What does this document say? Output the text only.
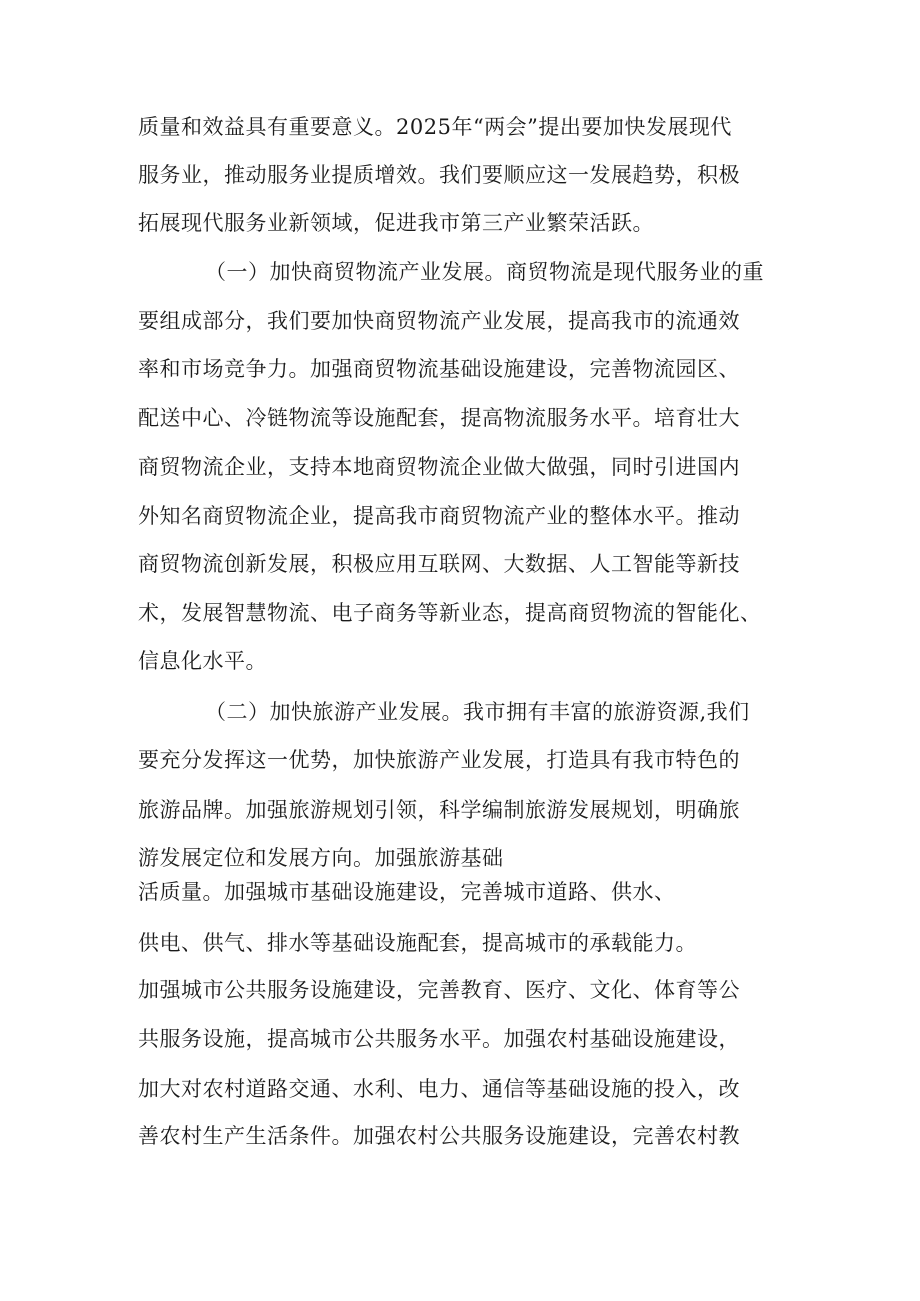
质量和效益具有重要意义。2025年“两会”提出要加快发展现代
服务业，推动服务业提质增效。我们要顺应这一发展趋势，积极
拓展现代服务业新领域，促进我市第三产业繁荣活跃。
（一）加快商贸物流产业发展。商贸物流是现代服务业的重
要组成部分，我们要加快商贸物流产业发展，提高我市的流通效
率和市场竞争力。加强商贸物流基础设施建设，完善物流园区、
配送中心、冷链物流等设施配套，提高物流服务水平。培育壮大
商贸物流企业，支持本地商贸物流企业做大做强，同时引进国内
外知名商贸物流企业，提高我市商贸物流产业的整体水平。推动
商贸物流创新发展，积极应用互联网、大数据、人工智能等新技
术，发展智慧物流、电子商务等新业态，提高商贸物流的智能化、
信息化水平。
（二）加快旅游产业发展。我市拥有丰富的旅游资源,我们
要充分发挥这一优势，加快旅游产业发展，打造具有我市特色的
旅游品牌。加强旅游规划引领，科学编制旅游发展规划，明确旅
游发展定位和发展方向。加强旅游基础
活质量。加强城市基础设施建设，完善城市道路、供水、
供电、供气、排水等基础设施配套，提高城市的承载能力。
加强城市公共服务设施建设，完善教育、医疗、文化、体育等公
共服务设施，提高城市公共服务水平。加强农村基础设施建设，
加大对农村道路交通、水利、电力、通信等基础设施的投入，改
善农村生产生活条件。加强农村公共服务设施建设，完善农村教
